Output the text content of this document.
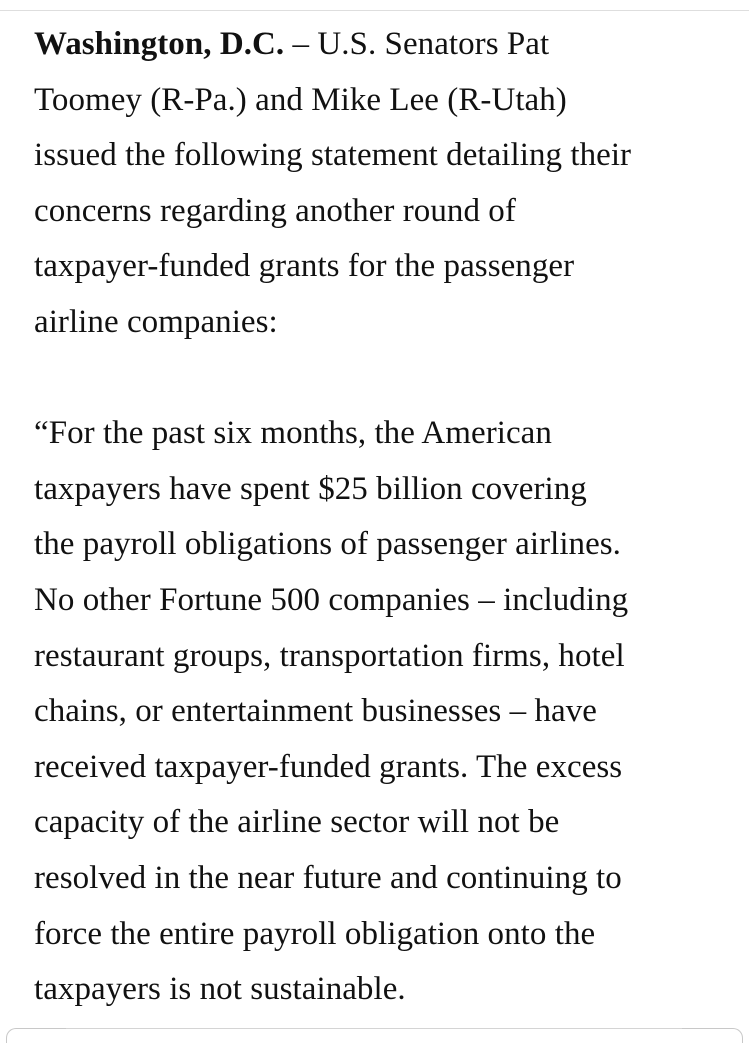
Washington, D.C. – U.S. Senators Pat
Toomey (R-Pa.) and Mike Lee (R-Utah)
issued the following statement detailing their
concerns regarding another round of
taxpayer-funded grants for the passenger
airline companies:

“For the past six months, the American
taxpayers have spent $25 billion covering
the payroll obligations of passenger airlines.
No other Fortune 500 companies – including
restaurant groups, transportation firms, hotel
chains, or entertainment businesses – have
received taxpayer-funded grants. The excess
capacity of the airline sector will not be
resolved in the near future and continuing to
force the entire payroll obligation onto the
taxpayers is not sustainable.
